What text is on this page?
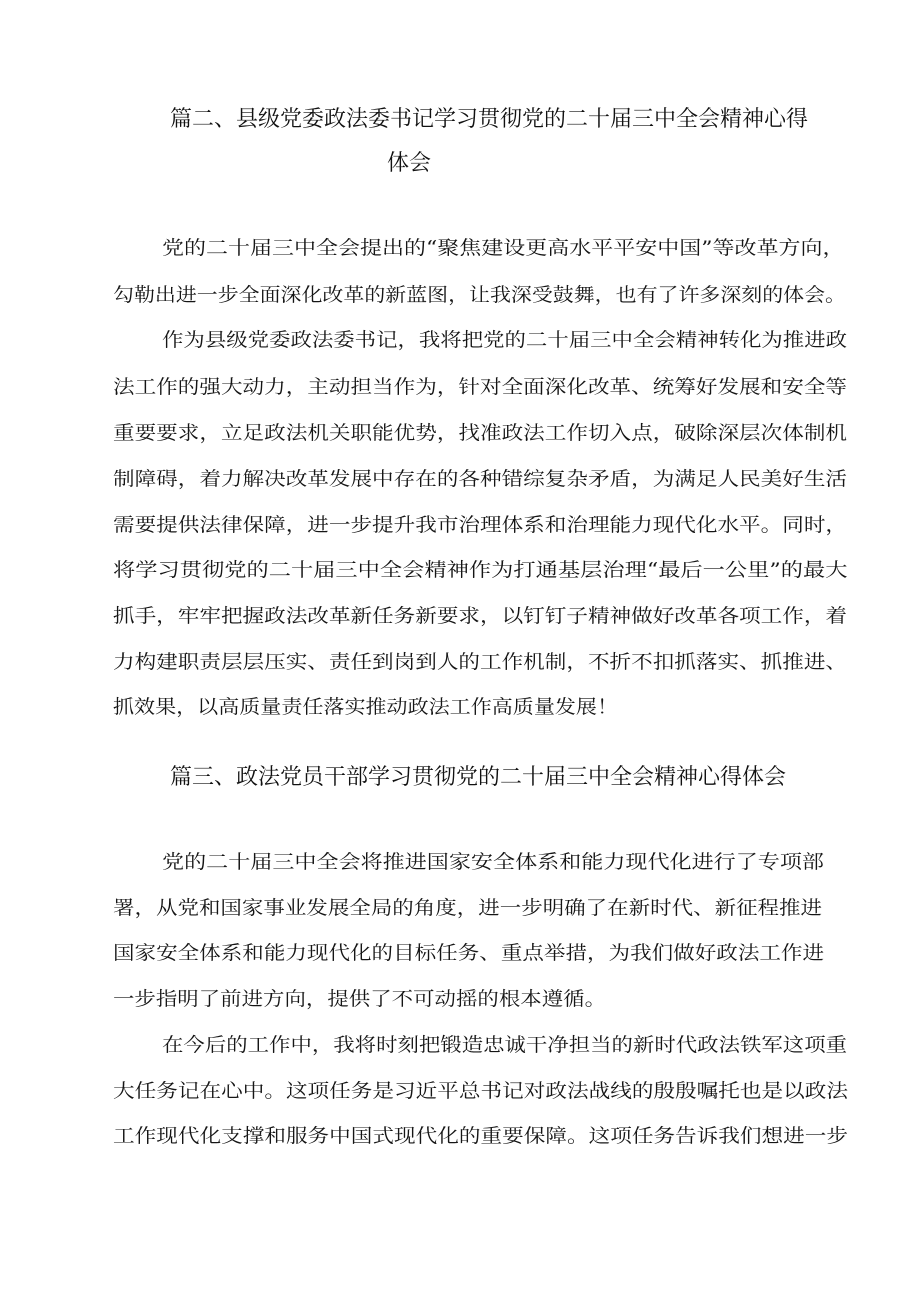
篇二、县级党委政法委书记学习贯彻党的二十届三中全会精神心得
体会

党的二十届三中全会提出的“聚焦建设更高水平平安中国”等改革方向，

勾勒出进一步全面深化改革的新蓝图，让我深受鼓舞，也有了许多深刻的体会。

作为县级党委政法委书记，我将把党的二十届三中全会精神转化为推进政

法工作的强大动力，主动担当作为，针对全面深化改革、统筹好发展和安全等

重要要求，立足政法机关职能优势，找准政法工作切入点，破除深层次体制机

制障碍，着力解决改革发展中存在的各种错综复杂矛盾，为满足人民美好生活

需要提供法律保障，进一步提升我市治理体系和治理能力现代化水平。同时，

将学习贯彻党的二十届三中全会精神作为打通基层治理“最后一公里”的最大

抓手，牢牢把握政法改革新任务新要求，以钉钉子精神做好改革各项工作，着

力构建职责层层压实、责任到岗到人的工作机制，不折不扣抓落实、抓推进、

抓效果，以高质量责任落实推动政法工作高质量发展！

篇三、政法党员干部学习贯彻党的二十届三中全会精神心得体会

党的二十届三中全会将推进国家安全体系和能力现代化进行了专项部

署，从党和国家事业发展全局的角度，进一步明确了在新时代、新征程推进

国家安全体系和能力现代化的目标任务、重点举措，为我们做好政法工作进

一步指明了前进方向，提供了不可动摇的根本遵循。

在今后的工作中，我将时刻把锻造忠诚干净担当的新时代政法铁军这项重

大任务记在心中。这项任务是习近平总书记对政法战线的殷殷嘱托也是以政法

工作现代化支撑和服务中国式现代化的重要保障。这项任务告诉我们想进一步
